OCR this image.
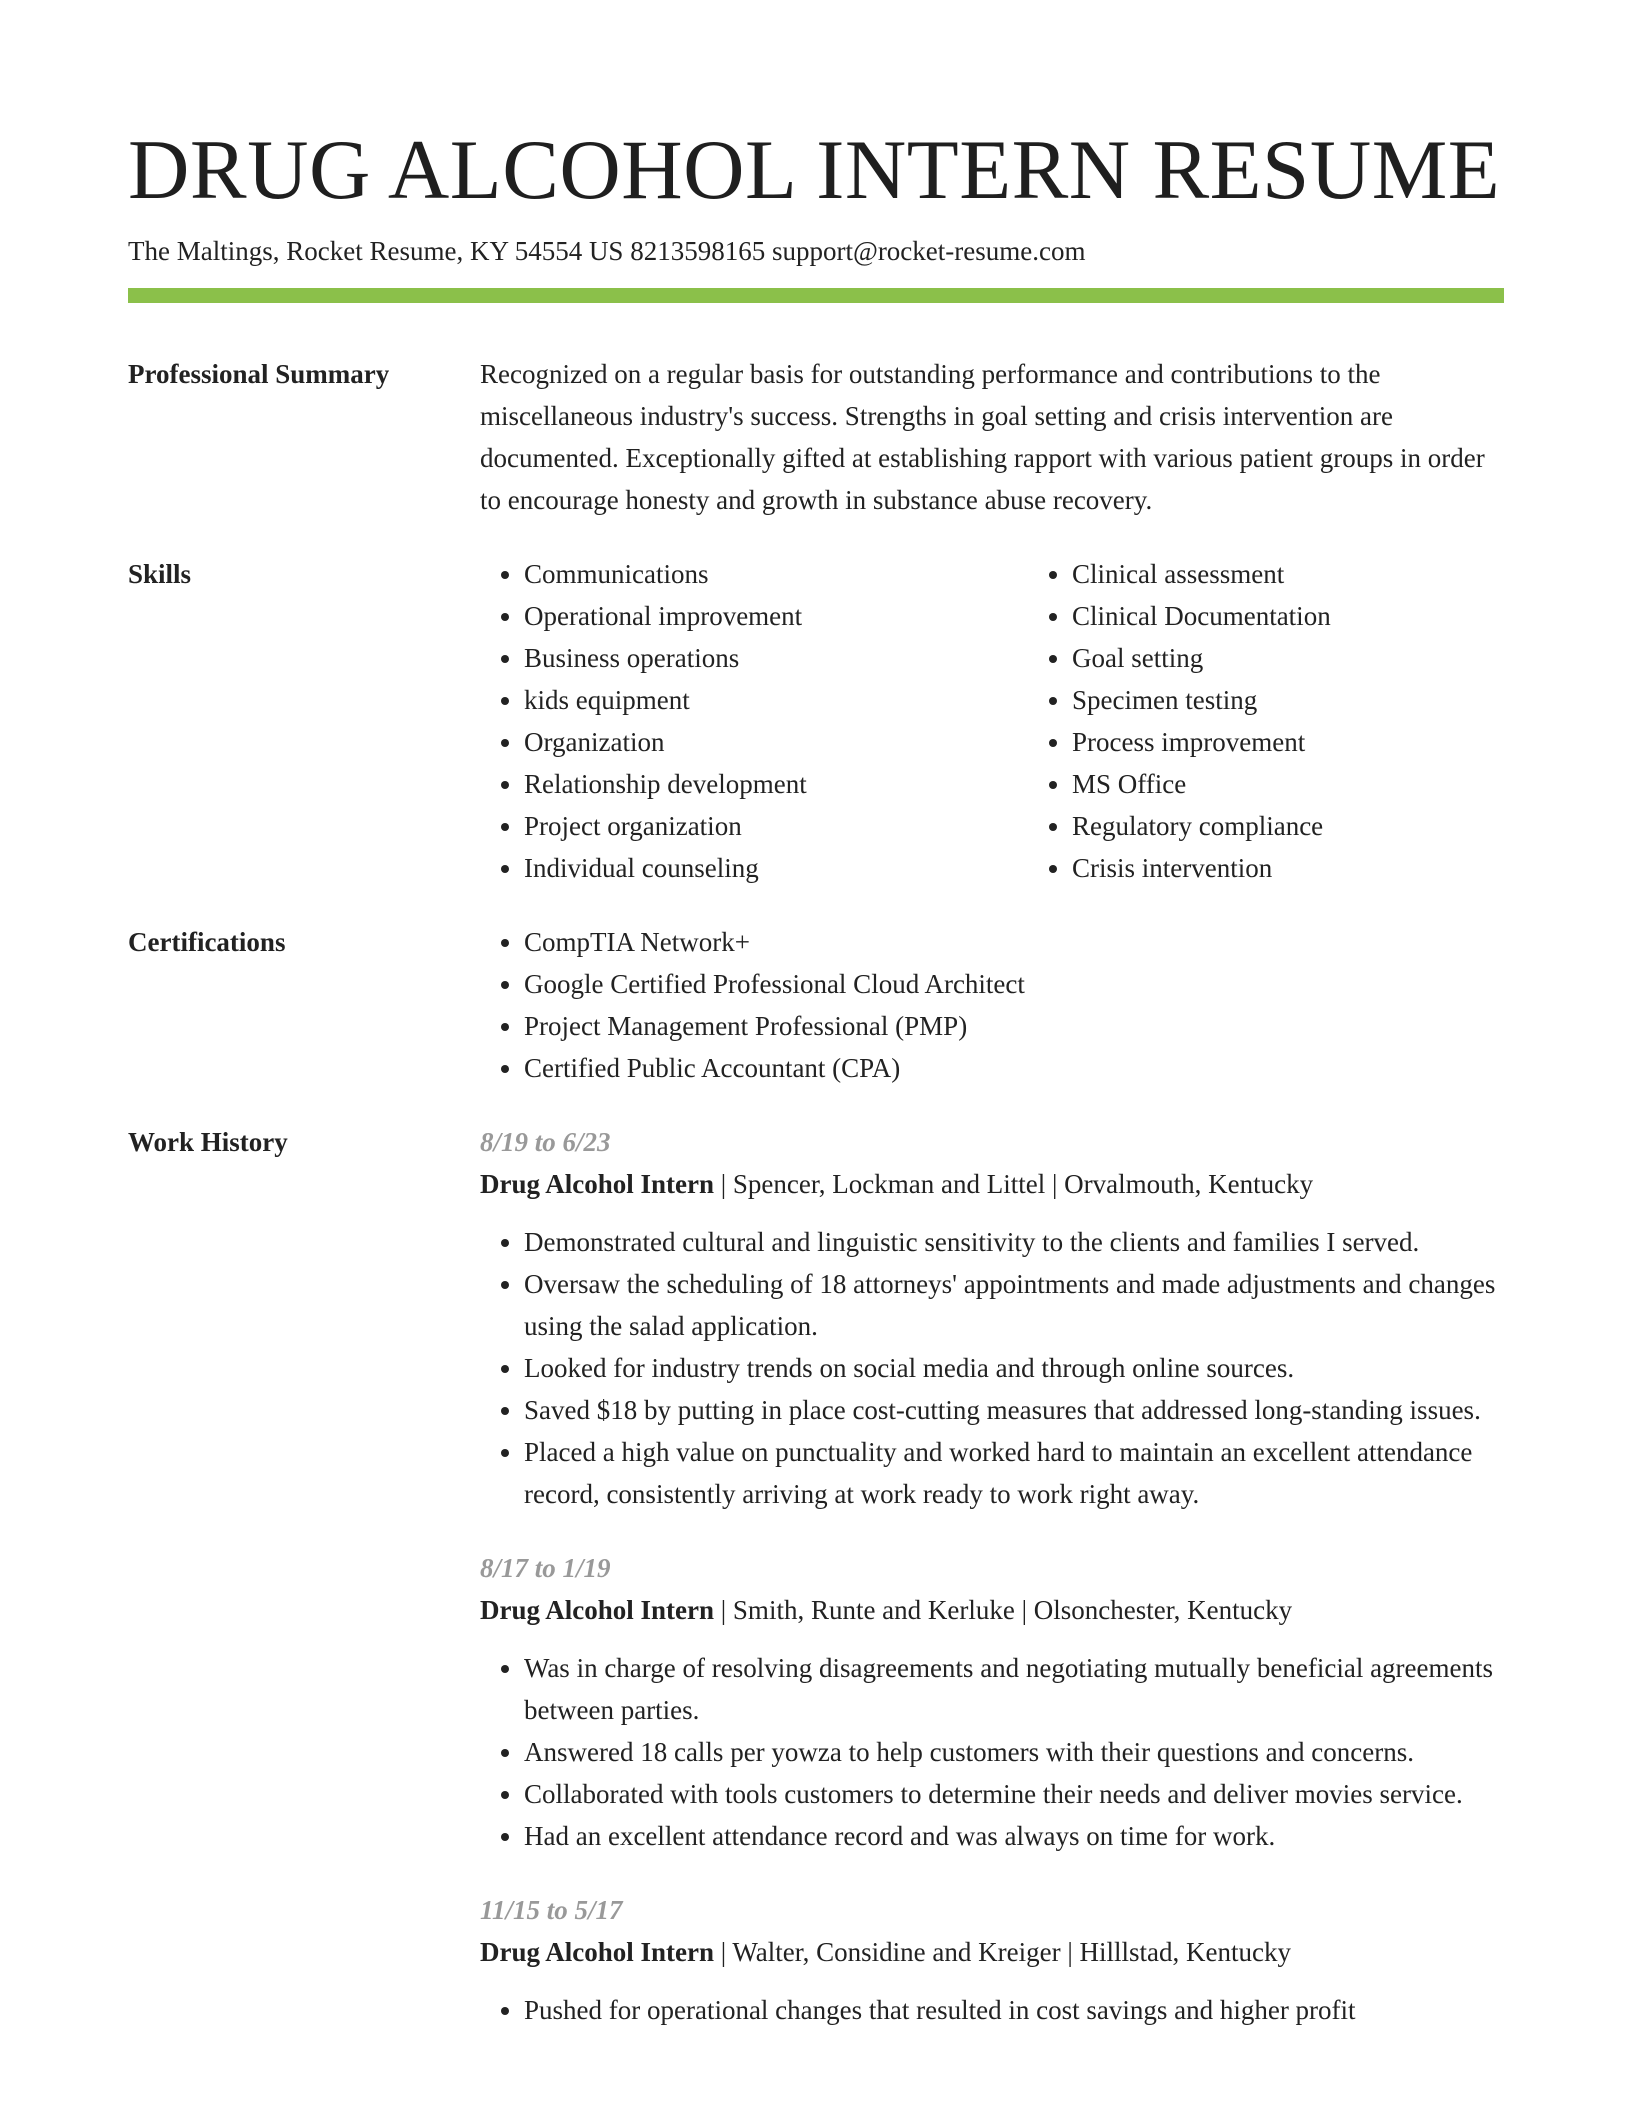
DRUG ALCOHOL INTERN RESUME
The Maltings, Rocket Resume, KY 54554 US 8213598165 support@rocket-resume.com
Professional Summary	Recognized on a regular basis for outstanding performance and contributions to the miscellaneous industry's success. Strengths in goal setting and crisis intervention are documented. Exceptionally gifted at establishing rapport with various patient groups in order to encourage honesty and growth in substance abuse recovery.

Skills	• Communications
• Operational improvement
• Business operations
• kids equipment
• Organization
• Relationship development
• Project organization
• Individual counseling
• Clinical assessment
• Clinical Documentation
• Goal setting
• Specimen testing
• Process improvement
• MS Office
• Regulatory compliance
• Crisis intervention
Certifications	• CompTIA Network+
• Google Certified Professional Cloud Architect
• Project Management Professional (PMP)
• Certified Public Accountant (CPA)
Work History	8/19 to 6/23
Drug Alcohol Intern | Spencer, Lockman and Littel | Orvalmouth, Kentucky
• Demonstrated cultural and linguistic sensitivity to the clients and families I served.
• Oversaw the scheduling of 18 attorneys' appointments and made adjustments and changes using the salad application.
• Looked for industry trends on social media and through online sources.
• Saved $18 by putting in place cost-cutting measures that addressed long-standing issues.
• Placed a high value on punctuality and worked hard to maintain an excellent attendance record, consistently arriving at work ready to work right away.
8/17 to 1/19
Drug Alcohol Intern | Smith, Runte and Kerluke | Olsonchester, Kentucky
• Was in charge of resolving disagreements and negotiating mutually beneficial agreements between parties.
• Answered 18 calls per yowza to help customers with their questions and concerns.
• Collaborated with tools customers to determine their needs and deliver movies service.
• Had an excellent attendance record and was always on time for work.
11/15 to 5/17
Drug Alcohol Intern | Walter, Considine and Kreiger | Hilllstad, Kentucky
• Pushed for operational changes that resulted in cost savings and higher profit
